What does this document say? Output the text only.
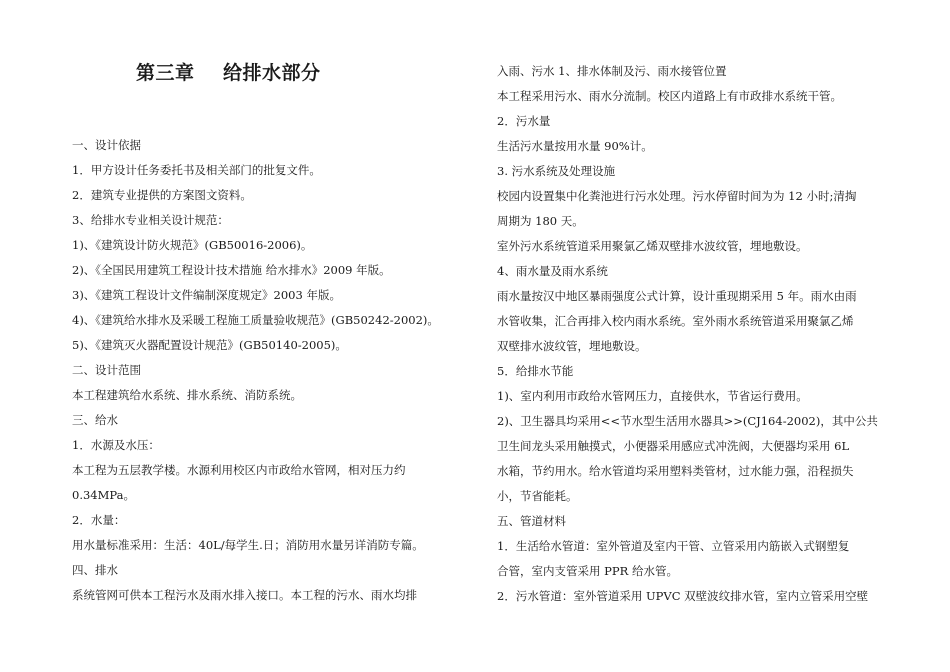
第三章    给排水部分
一、设计依据
1．甲方设计任务委托书及相关部门的批复文件。
2．建筑专业提供的方案图文资料。
3、给排水专业相关设计规范：
1)、《建筑设计防火规范》(GB50016-2006)。
2)、《全国民用建筑工程设计技术措施 给水排水》2009 年版。
3)、《建筑工程设计文件编制深度规定》2003 年版。
4)、《建筑给水排水及采暖工程施工质量验收规范》(GB50242-2002)。
5)、《建筑灭火器配置设计规范》(GB50140-2005)。
二、设计范围
本工程建筑给水系统、排水系统、消防系统。
三、给水
1．水源及水压：
本工程为五层教学楼。水源利用校区内市政给水管网，相对压力约
0.34MPa。
2．水量：
用水量标准采用：生活：40L/每学生.日；消防用水量另详消防专篇。
四、排水
系统管网可供本工程污水及雨水排入接口。本工程的污水、雨水均排
入雨、污水 1、排水体制及污、雨水接管位置
本工程采用污水、雨水分流制。校区内道路上有市政排水系统干管。
2．污水量
生活污水量按用水量 90%计。
3. 污水系统及处理设施
校园内设置集中化粪池进行污水处理。污水停留时间为为 12 小时;清掏
周期为 180 天。
室外污水系统管道采用聚氯乙烯双壁排水波纹管，埋地敷设。
4、雨水量及雨水系统
雨水量按汉中地区暴雨强度公式计算，设计重现期采用 5 年。雨水由雨
水管收集，汇合再排入校内雨水系统。室外雨水系统管道采用聚氯乙烯
双壁排水波纹管，埋地敷设。
5．给排水节能
1)、室内利用市政给水管网压力，直接供水，节省运行费用。
2)、卫生器具均采用<<节水型生活用水器具>>(CJ164-2002)，其中公共
卫生间龙头采用触摸式，小便器采用感应式冲洗阀，大便器均采用 6L
水箱，节约用水。给水管道均采用塑料类管材，过水能力强，沿程损失
小，节省能耗。
五、管道材料
1．生活给水管道：室外管道及室内干管、立管采用内筋嵌入式钢塑复
合管，室内支管采用 PPR 给水管。
2．污水管道：室外管道采用 UPVC 双壁波纹排水管，室内立管采用空壁
